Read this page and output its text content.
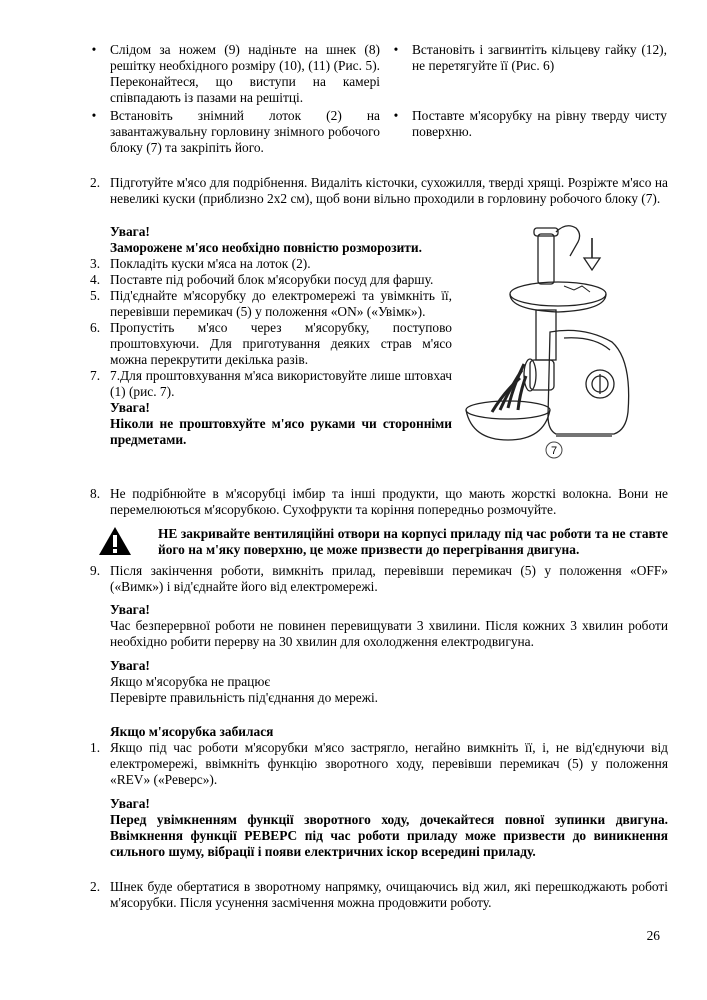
• Слідом за ножем (9) надіньте на шнек (8) решітку необхідного розміру (10), (11) (Рис. 5). Переконайтеся, що виступи на камері співпадають із пазами на решітці.
• Встановіть знімний лоток (2) на завантажувальну горловину знімного робочого блоку (7) та закріпіть його.
• Встановіть і загвинтіть кільцеву гайку (12), не перетягуйте її (Рис. 6)
• Поставте м'ясорубку на рівну тверду чисту поверхню.
2. Підготуйте м'ясо для подрібнення. Видаліть кісточки, сухожилля, тверді хрящі. Розріжте м'ясо на невеликі куски (приблизно 2х2 см), щоб вони вільно проходили в горловину робочого блоку (7).
Увага!
Заморожене м'ясо необхідно повністю розморозити.
3. Покладіть куски м'яса на лоток (2).
4. Поставте під робочий блок м'ясорубки посуд для фаршу.
5. Під'єднайте м'ясорубку до електромережі та увімкніть її, перевівши перемикач (5) у положення «ON» («Увімк»).
6. Пропустіть м'ясо через м'ясорубку, поступово проштовхуючи. Для приготування деяких страв м'ясо можна перекрутити декілька разів.
7. 7.Для проштовхування м'яса використовуйте лише штовхач (1) (рис. 7).
Увага!
Ніколи не проштовхуйте м'ясо руками чи сторонніми предметами.
7
8. Не подрібнюйте в м'ясорубці імбир та інші продукти, що мають жорсткі волокна. Вони не перемелюються м'ясорубкою. Сухофрукти та коріння попередньо розмочуйте.
НЕ закривайте вентиляційні отвори на корпусі приладу під час роботи та не ставте його на м'яку поверхню, це може призвести до перегрівання двигуна.
9. Після закінчення роботи, вимкніть прилад, перевівши перемикач (5) у положення «OFF» («Вимк») і від'єднайте його від електромережі.
Увага!
Час безперервної роботи не повинен перевищувати 3 хвилини. Після кожних 3 хвилин роботи необхідно робити перерву на 30 хвилин для охолодження електродвигуна.
Увага!
Якщо м'ясорубка не працює
Перевірте правильність під'єднання до мережі.
Якщо м'ясорубка забилася
1. Якщо під час роботи м'ясорубки м'ясо застрягло, негайно вимкніть її, і, не від'єднуючи від електромережі, ввімкніть функцію зворотного ходу, перевівши перемикач (5) у положення «REV» («Реверс»).
Увага!
Перед увімкненням функції зворотного ходу, дочекайтеся повної зупинки двигуна. Ввімкнення функції РЕВЕРС під час роботи приладу може призвести до виникнення сильного шуму, вібрації і появи електричних іскор всередині приладу.
2. Шнек буде обертатися в зворотному напрямку, очищаючись від жил, які перешкоджають роботі м'ясорубки. Після усунення засмічення можна продовжити роботу.
26
